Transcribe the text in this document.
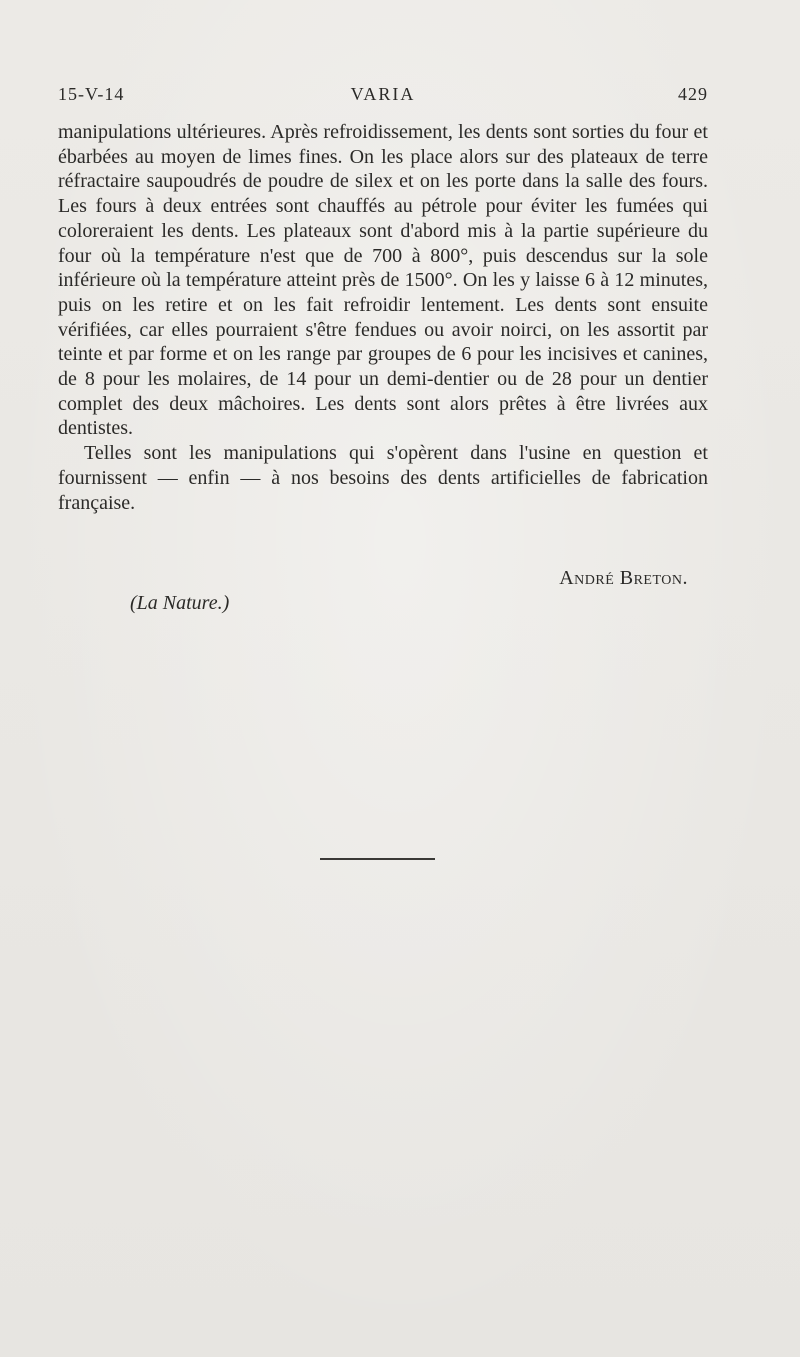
15-V-14	VARIA	429

manipulations ultérieures. Après refroidissement, les dents sont sorties du four et ébarbées au moyen de limes fines. On les place alors sur des plateaux de terre réfractaire saupoudrés de poudre de silex et on les porte dans la salle des fours. Les fours à deux entrées sont chauffés au pétrole pour éviter les fumées qui coloreraient les dents. Les plateaux sont d'abord mis à la partie supérieure du four où la température n'est que de 700 à 800°, puis descendus sur la sole inférieure où la température atteint près de 1500°. On les y laisse 6 à 12 minutes, puis on les retire et on les fait refroidir lentement. Les dents sont ensuite vérifiées, car elles pourraient s'être fendues ou avoir noirci, on les assortit par teinte et par forme et on les range par groupes de 6 pour les incisives et canines, de 8 pour les molaires, de 14 pour un demi-dentier ou de 28 pour un dentier complet des deux mâchoires. Les dents sont alors prêtes à être livrées aux dentistes.

Telles sont les manipulations qui s'opèrent dans l'usine en question et fournissent — enfin — à nos besoins des dents artificielles de fabrication française.

André Breton.
(La Nature.)
